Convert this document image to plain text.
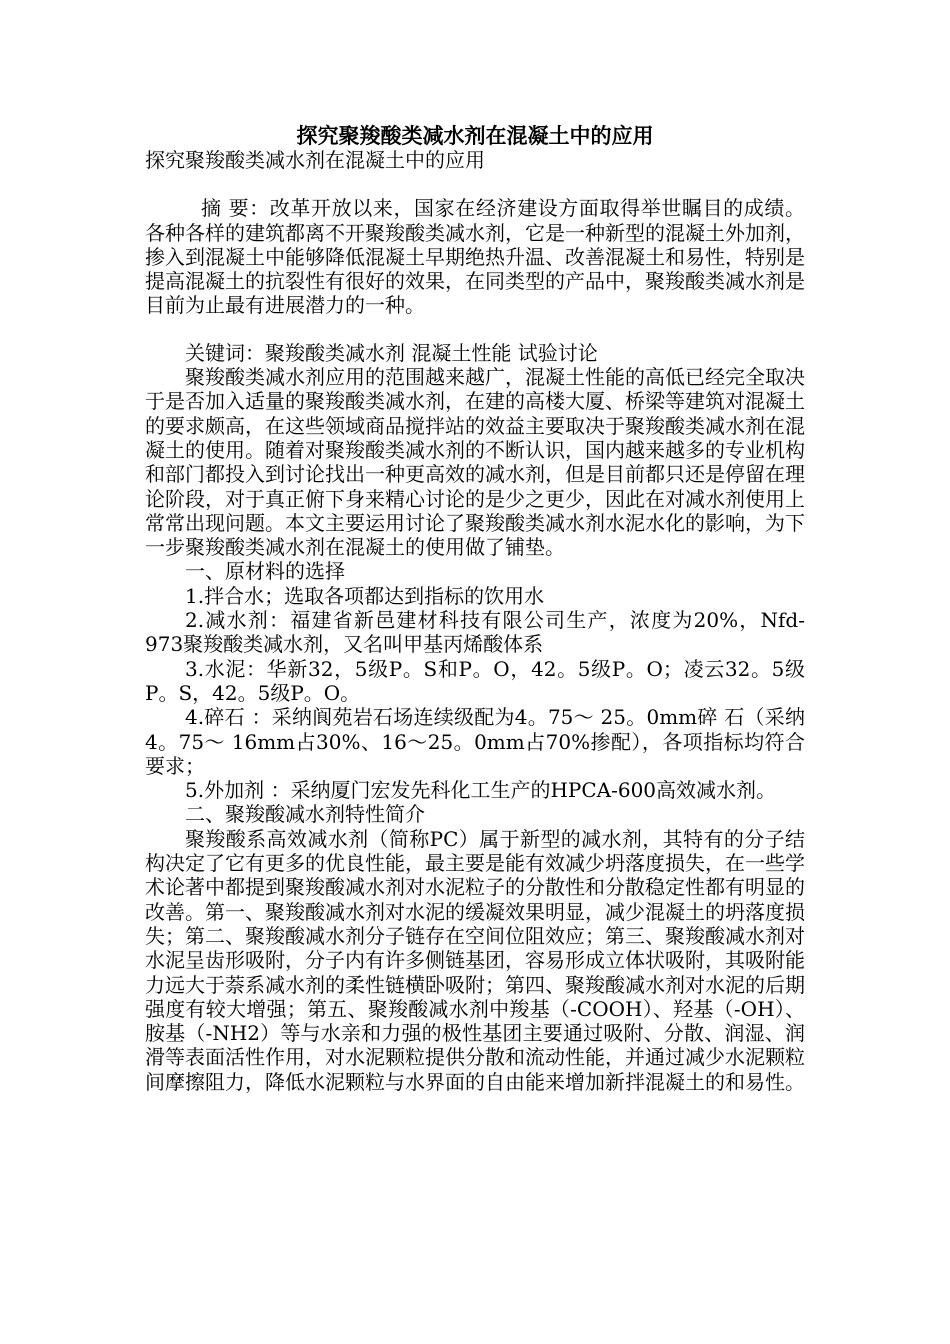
探究聚羧酸类减水剂在混凝土中的应用

探究聚羧酸类减水剂在混凝土中的应用

摘 要：改革开放以来，国家在经济建设方面取得举世瞩目的成绩。各种各样的建筑都离不开聚羧酸类减水剂，它是一种新型的混凝土外加剂，掺入到混凝土中能够降低混凝土早期绝热升温、改善混凝土和易性，特别是提高混凝土的抗裂性有很好的效果，在同类型的产品中，聚羧酸类减水剂是目前为止最有进展潜力的一种。

关键词：聚羧酸类减水剂 混凝土性能 试验讨论

聚羧酸类减水剂应用的范围越来越广，混凝土性能的高低已经完全取决于是否加入适量的聚羧酸类减水剂，在建的高楼大厦、桥梁等建筑对混凝土的要求颇高，在这些领域商品搅拌站的效益主要取决于聚羧酸类减水剂在混凝土的使用。随着对聚羧酸类减水剂的不断认识，国内越来越多的专业机构和部门都投入到讨论找出一种更高效的减水剂，但是目前都只还是停留在理论阶段，对于真正俯下身来精心讨论的是少之更少，因此在对减水剂使用上常常出现问题。本文主要运用讨论了聚羧酸类减水剂水泥水化的影响，为下一步聚羧酸类减水剂在混凝土的使用做了铺垫。

一、原材料的选择

1.拌合水；选取各项都达到指标的饮用水

2.减水剂：福建省新邑建材科技有限公司生产，浓度为20%，Nfd-973聚羧酸类减水剂，又名叫甲基丙烯酸体系

3.水泥：华新32，5级P。S和P。O，42。5级P。O；凌云32。5级P。S，42。5级P。O。

4.碎石 ：采纳阆苑岩石场连续级配为4。75～ 25。0mm碎 石（采纳 4。75～ 16mm占30%、16～25。0mm占70%掺配），各项指标均符合要求；

5.外加剂 ：采纳厦门宏发先科化工生产的HPCA-600高效减水剂。

二、聚羧酸减水剂特性简介

聚羧酸系高效减水剂（简称PC）属于新型的减水剂，其特有的分子结构决定了它有更多的优良性能，最主要是能有效减少坍落度损失，在一些学术论著中都提到聚羧酸减水剂对水泥粒子的分散性和分散稳定性都有明显的改善。第一、聚羧酸减水剂对水泥的缓凝效果明显，减少混凝土的坍落度损失；第二、聚羧酸减水剂分子链存在空间位阻效应；第三、聚羧酸减水剂对水泥呈齿形吸附，分子内有许多侧链基团，容易形成立体状吸附，其吸附能力远大于萘系减水剂的柔性链横卧吸附；第四、聚羧酸减水剂对水泥的后期强度有较大增强；第五、聚羧酸减水剂中羧基（-COOH）、羟基（-OH）、胺基（-NH2）等与水亲和力强的极性基团主要通过吸附、分散、润湿、润滑等表面活性作用，对水泥颗粒提供分散和流动性能，并通过减少水泥颗粒间摩擦阻力，降低水泥颗粒与水界面的自由能来增加新拌混凝土的和易性。
